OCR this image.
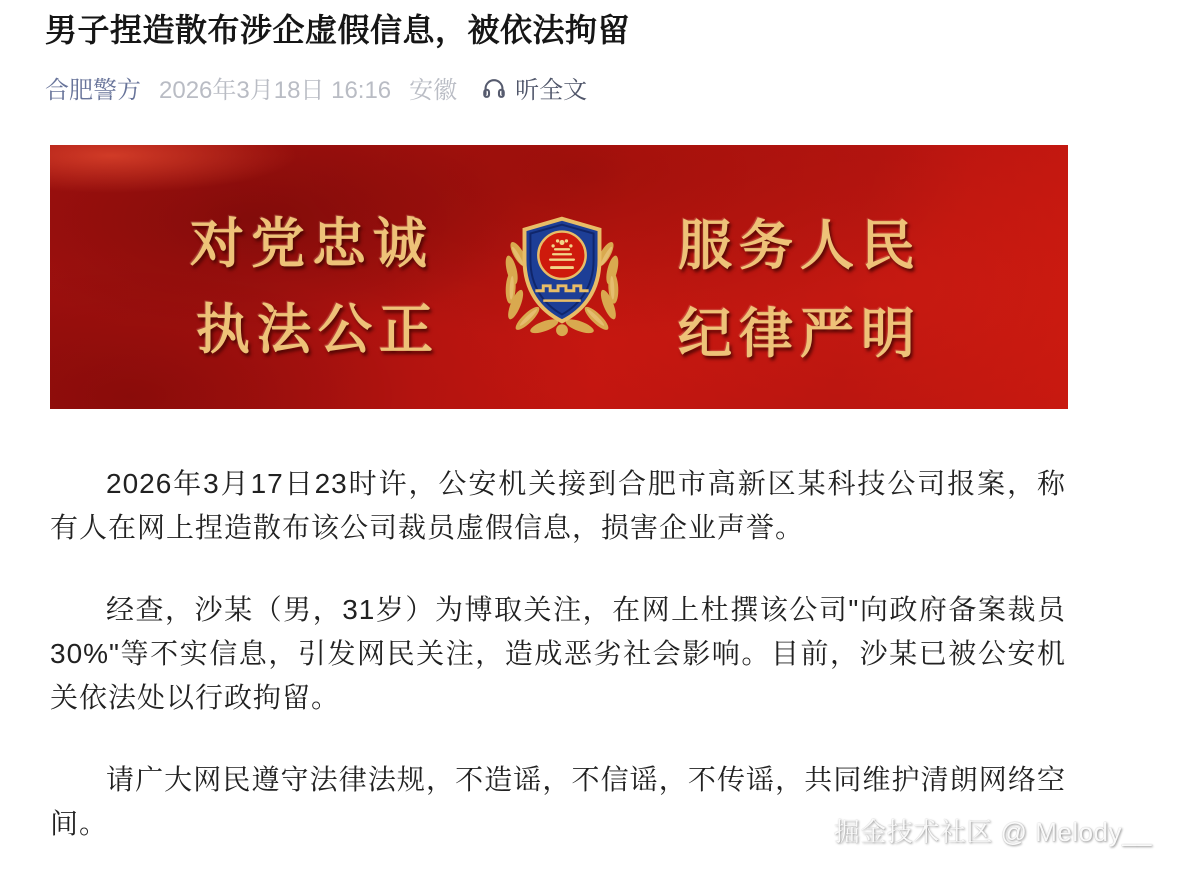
男子捏造散布涉企虚假信息，被依法拘留
合肥警方 2026年3月18日 16:16 安徽 听全文
对党忠诚
执法公正
服务人民
纪律严明

2026年3月17日23时许，公安机关接到合肥市高新区某科技公司报案，称有人在网上捏造散布该公司裁员虚假信息，损害企业声誉。

经查，沙某（男，31岁）为博取关注，在网上杜撰该公司"向政府备案裁员30%"等不实信息，引发网民关注，造成恶劣社会影响。目前，沙某已被公安机关依法处以行政拘留。

请广大网民遵守法律法规，不造谣，不信谣，不传谣，共同维护清朗网络空间。	掘金技术社区 @ Melody__
